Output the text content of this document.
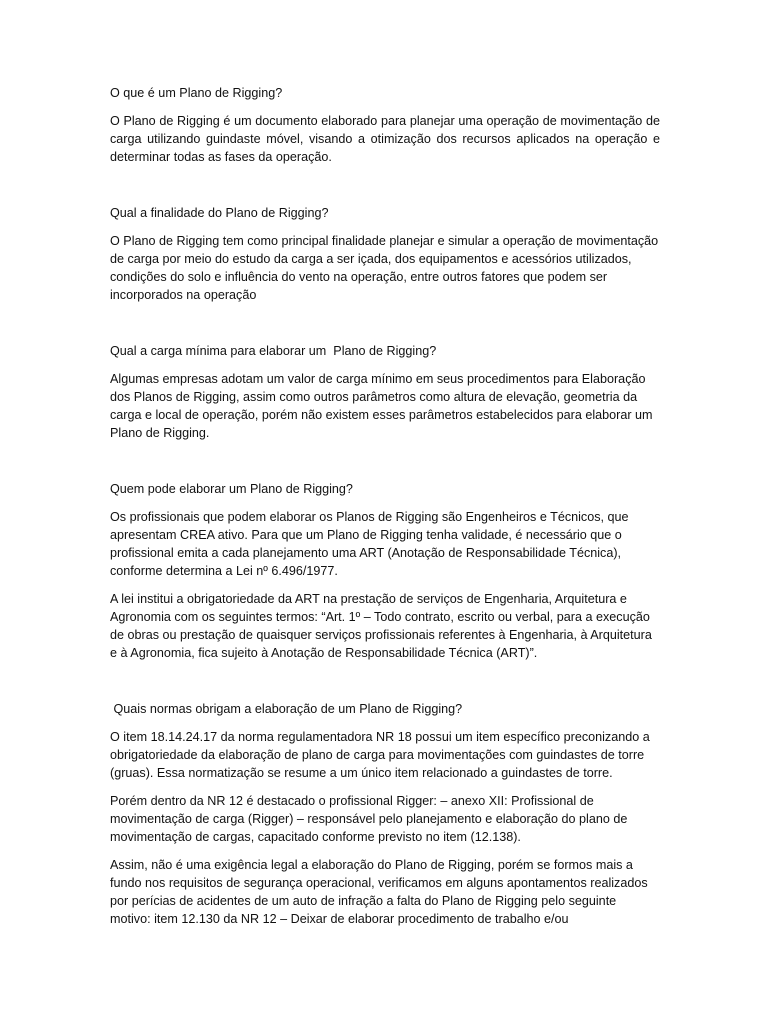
O que é um Plano de Rigging?

O Plano de Rigging é um documento elaborado para planejar uma operação de movimentação de carga utilizando guindaste móvel, visando a otimização dos recursos aplicados na operação e determinar todas as fases da operação.

Qual a finalidade do Plano de Rigging?

O Plano de Rigging tem como principal finalidade planejar e simular a operação de movimentação de carga por meio do estudo da carga a ser içada, dos equipamentos e acessórios utilizados, condições do solo e influência do vento na operação, entre outros fatores que podem ser incorporados na operação

Qual a carga mínima para elaborar um  Plano de Rigging?

Algumas empresas adotam um valor de carga mínimo em seus procedimentos para Elaboração dos Planos de Rigging, assim como outros parâmetros como altura de elevação, geometria da carga e local de operação, porém não existem esses parâmetros estabelecidos para elaborar um Plano de Rigging.

Quem pode elaborar um Plano de Rigging?

Os profissionais que podem elaborar os Planos de Rigging são Engenheiros e Técnicos, que apresentam CREA ativo. Para que um Plano de Rigging tenha validade, é necessário que o profissional emita a cada planejamento uma ART (Anotação de Responsabilidade Técnica), conforme determina a Lei nº 6.496/1977.

A lei institui a obrigatoriedade da ART na prestação de serviços de Engenharia, Arquitetura e Agronomia com os seguintes termos: “Art. 1º – Todo contrato, escrito ou verbal, para a execução de obras ou prestação de quaisquer serviços profissionais referentes à Engenharia, à Arquitetura e à Agronomia, fica sujeito à Anotação de Responsabilidade Técnica (ART)”.

Quais normas obrigam a elaboração de um Plano de Rigging?

O item 18.14.24.17 da norma regulamentadora NR 18 possui um item específico preconizando a obrigatoriedade da elaboração de plano de carga para movimentações com guindastes de torre (gruas). Essa normatização se resume a um único item relacionado a guindastes de torre.

Porém dentro da NR 12 é destacado o profissional Rigger: – anexo XII: Profissional de movimentação de carga (Rigger) – responsável pelo planejamento e elaboração do plano de movimentação de cargas, capacitado conforme previsto no item (12.138).

Assim, não é uma exigência legal a elaboração do Plano de Rigging, porém se formos mais a fundo nos requisitos de segurança operacional, verificamos em alguns apontamentos realizados por perícias de acidentes de um auto de infração a falta do Plano de Rigging pelo seguinte motivo: item 12.130 da NR 12 – Deixar de elaborar procedimento de trabalho e/ou
